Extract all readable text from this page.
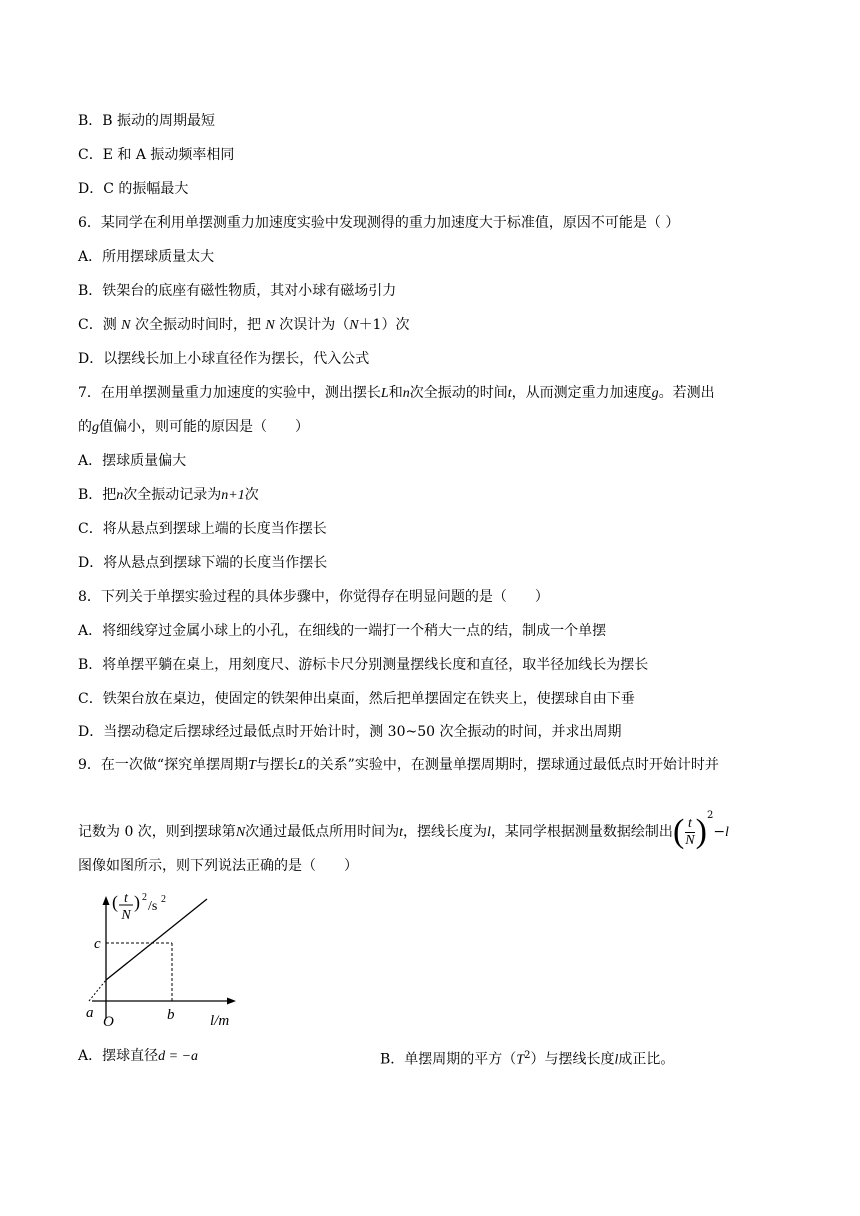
B．B 振动的周期最短
C．E 和 A 振动频率相同
D．C 的振幅最大
6．某同学在利用单摆测重力加速度实验中发现测得的重力加速度大于标准值，原因不可能是（ ）
A．所用摆球质量太大
B．铁架台的底座有磁性物质，其对小球有磁场引力
C．测 N 次全振动时间时，把 N 次误计为（N＋1）次
D．以摆线长加上小球直径作为摆长，代入公式
7．在用单摆测量重力加速度的实验中，测出摆长L和n次全振动的时间t，从而测定重力加速度g。若测出
的g值偏小，则可能的原因是（　　）
A．摆球质量偏大
B．把n次全振动记录为n+1次
C．将从悬点到摆球上端的长度当作摆长
D．将从悬点到摆球下端的长度当作摆长
8．下列关于单摆实验过程的具体步骤中，你觉得存在明显问题的是（　　）
A．将细线穿过金属小球上的小孔，在细线的一端打一个稍大一点的结，制成一个单摆
B．将单摆平躺在桌上，用刻度尺、游标卡尺分别测量摆线长度和直径，取半径加线长为摆长
C．铁架台放在桌边，使固定的铁架伸出桌面，然后把单摆固定在铁夹上，使摆球自由下垂
D．当摆动稳定后摆球经过最低点时开始计时，测 30~50 次全振动的时间，并求出周期
9．在一次做“探究单摆周期T与摆长L的关系”实验中，在测量单摆周期时，摆球通过最低点时开始计时并
记数为 0 次，则到摆球第N次通过最低点所用时间为t，摆线长度为l，某同学根据测量数据绘制出( $\frac{t}{N} )^2-l$
图像如图所示，则下列说法正确的是（　　）
( t
N
) 2
/s 2
c
b
a
O	l/m
A．摆球直径d = −a	B．单摆周期的平方$(T^2)$与摆线长度l成正比。
